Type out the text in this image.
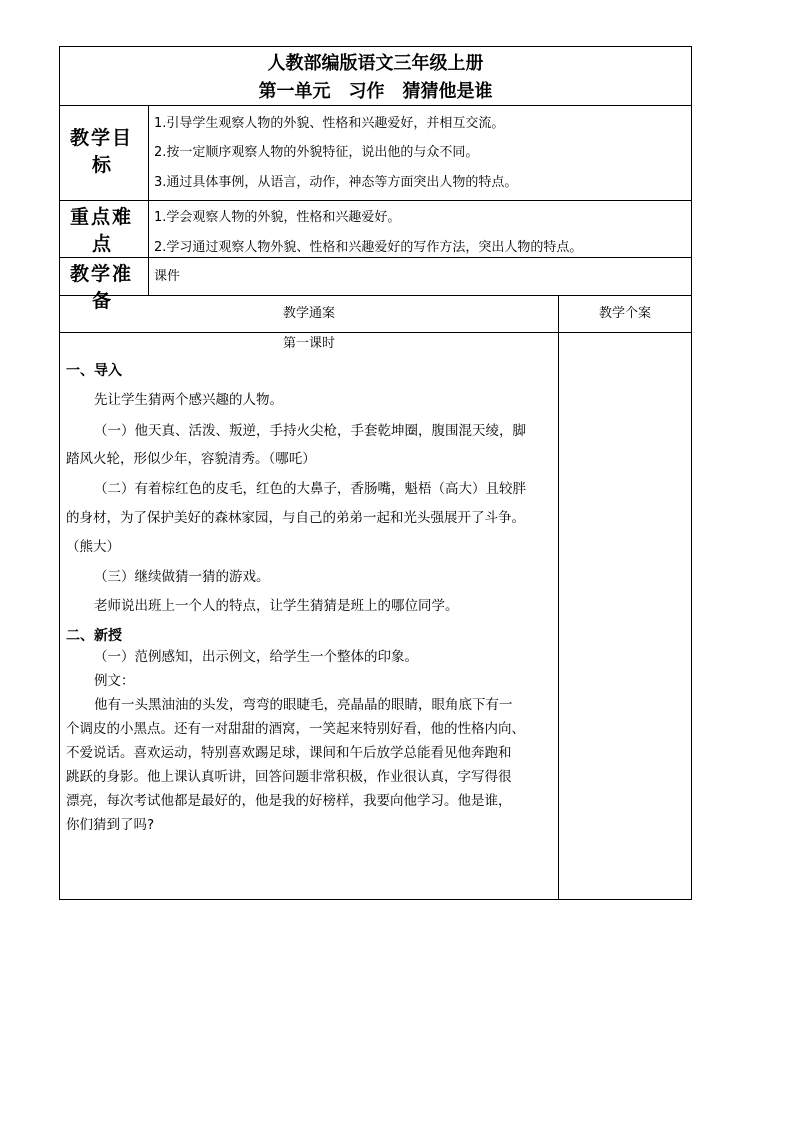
人教部编版语文三年级上册
第一单元　习作　猜猜他是谁
教学目
标
1.引导学生观察人物的外貌、性格和兴趣爱好，并相互交流。
2.按一定顺序观察人物的外貌特征，说出他的与众不同。
3.通过具体事例，从语言，动作，神态等方面突出人物的特点。
重点难
点
1.学会观察人物的外貌，性格和兴趣爱好。
2.学习通过观察人物外貌、性格和兴趣爱好的写作方法，突出人物的特点。
教学准
备
课件
教学通案	教学个案
第一课时
一、导入
先让学生猜两个感兴趣的人物。
（一）他天真、活泼、叛逆，手持火尖枪，手套乾坤圈，腹围混天绫，脚
踏风火轮，形似少年，容貌清秀。（哪吒）
（二）有着棕红色的皮毛，红色的大鼻子，香肠嘴，魁梧（高大）且较胖
的身材，为了保护美好的森林家园，与自己的弟弟一起和光头强展开了斗争。
（熊大）
（三）继续做猜一猜的游戏。
老师说出班上一个人的特点，让学生猜猜是班上的哪位同学。
二、新授
（一）范例感知，出示例文，给学生一个整体的印象。
例文：
他有一头黑油油的头发，弯弯的眼睫毛，亮晶晶的眼睛，眼角底下有一
个调皮的小黑点。还有一对甜甜的酒窝，一笑起来特别好看，他的性格内向、
不爱说话。喜欢运动，特别喜欢踢足球，课间和午后放学总能看见他奔跑和
跳跃的身影。他上课认真听讲，回答问题非常积极，作业很认真，字写得很
漂亮，每次考试他都是最好的，他是我的好榜样，我要向他学习。他是谁，
你们猜到了吗?
